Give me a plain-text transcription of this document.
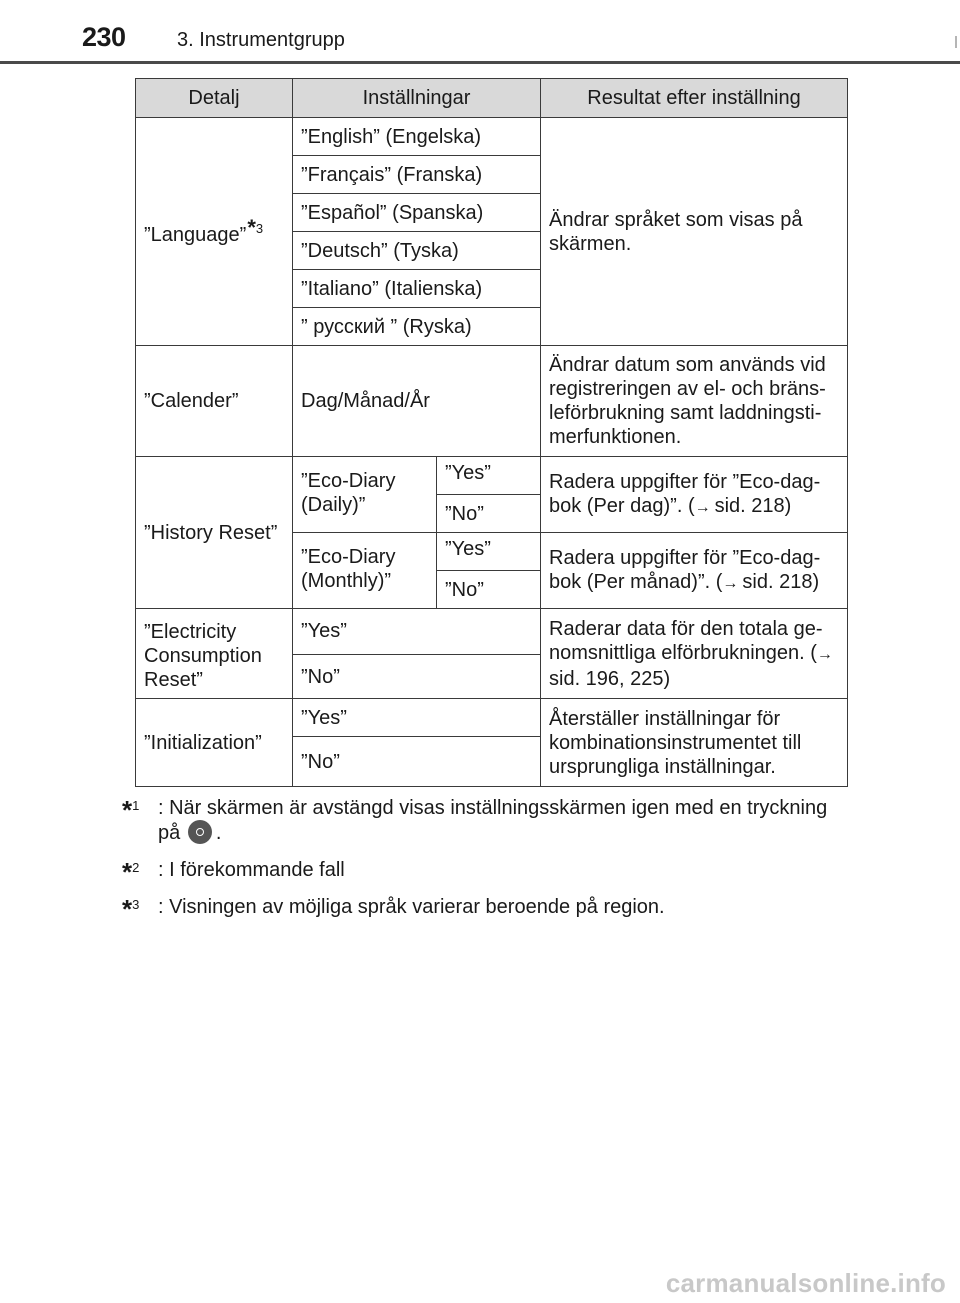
230	3. Instrumentgrupp
Detalj	Inställningar		Resultat efter inställning
”Language”*$^3$	”English” (Engelska)		Ändrar språket som visas på skärmen.
	”Français” (Franska)		
	”Español” (Spanska)		
	”Deutsch” (Tyska)		
	”Italiano” (Italienska)		
	” русский ” (Ryska)		
”Calender”	Dag/Månad/År		Ändrar datum som används vid registreringen av el- och bränsleförbrukning samt laddningstimerfunktionen.
”History Reset”	”Eco-Diary (Daily)”	”Yes”	Radera uppgifter för ”Eco-dagbok (Per dag)”. (→ sid. 218)
		”No”	
	”Eco-Diary (Monthly)”	”Yes”	Radera uppgifter för ”Eco-dagbok (Per månad)”. (→ sid. 218)
		”No”	
”Electricity Consumption Reset”	”Yes”		Raderar data för den totala genomsnittliga elförbrukningen. (→sid. 196, 225)
	”No”		
”Initialization”	”Yes”		Återställer inställningar för kombinationsinstrumentet till ursprungliga inställningar.
	”No”		
*$^1$ : När skärmen är avstängd visas inställningsskärmen igen med en tryckning på .
*$^2$ : I förekommande fall
*$^3$ : Visningen av möjliga språk varierar beroende på region.
carmanualsonline.info
